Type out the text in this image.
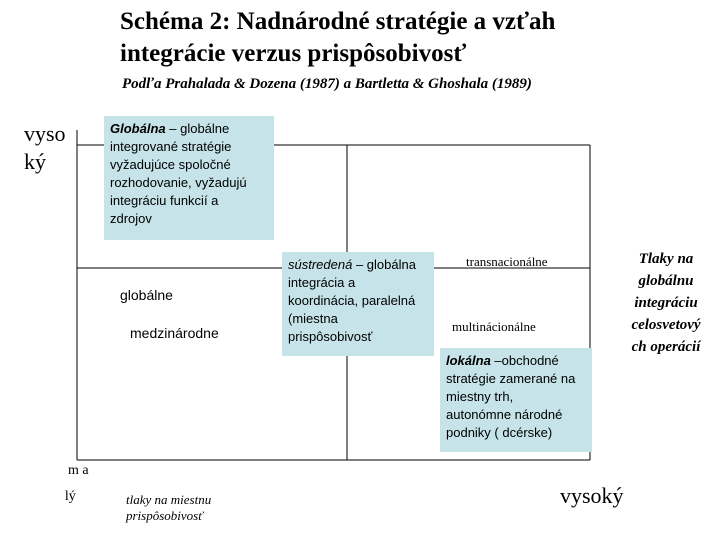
Schéma 2: Nadnárodné stratégie a vzťah
integrácie verzus prispôsobivosť
Podľa Prahalada & Dozena (1987) a Bartletta & Ghoshala (1989)
vyso
ký
m a
lý	vysoký
tlaky na miestnu
prispôsobivosť
Tlaky na
globálnu
integráciu
celosvetový
ch operácií
Globálna – globálne
integrované stratégie
vyžadujúce spoločné
rozhodovanie, vyžadujú
integráciu funkcií a
zdrojov
sústredená – globálna
integrácia a
koordinácia, paralelná
(miestna
prispôsobivosť
lokálna –obchodné
stratégie zamerané na
miestny trh,
autonómne národné
podniky ( dcérske)
globálne
medzinárodne
transnacionálne
multinácionálne
